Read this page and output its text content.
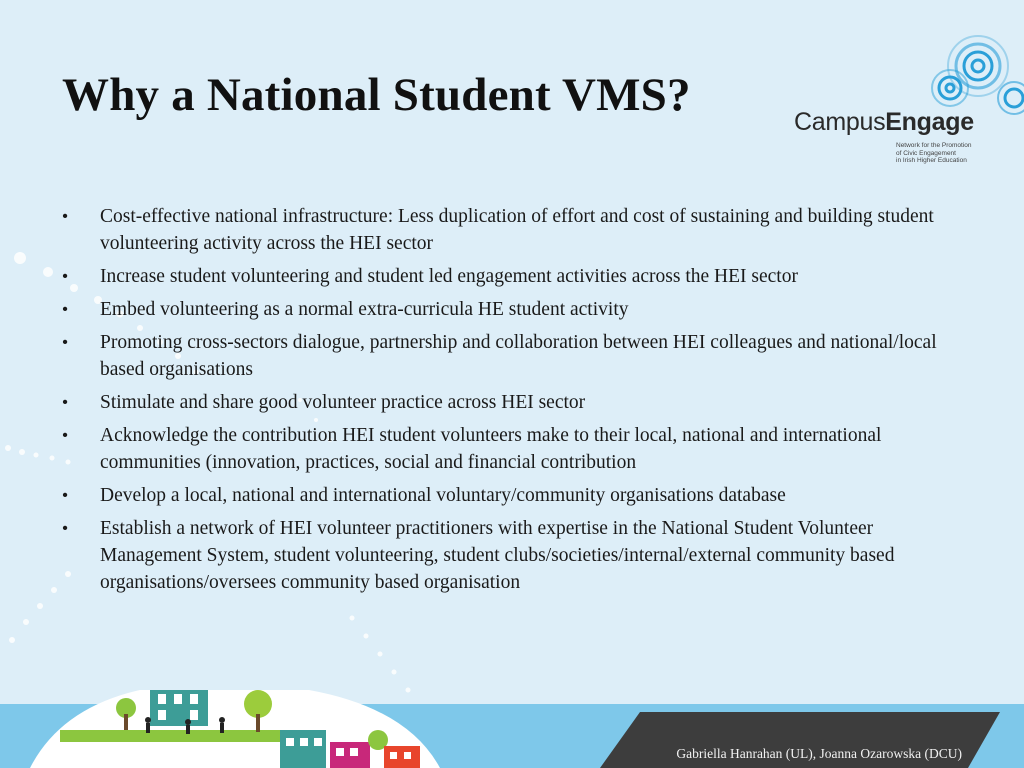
Why a National Student VMS?
CampusEngage
Network for the Promotion
of Civic Engagement
in Irish Higher Education
• Cost-effective national infrastructure: Less duplication of effort and cost of sustaining and building student volunteering activity across the HEI sector
• Increase student volunteering and student led engagement activities across the HEI sector
• Embed volunteering as a normal extra-curricula HE student activity
• Promoting cross-sectors dialogue, partnership and collaboration between HEI colleagues and national/local based organisations
• Stimulate and share good volunteer practice across HEI sector
• Acknowledge the contribution HEI student volunteers make to their local, national and international communities (innovation, practices, social and financial contribution
• Develop a local, national and international voluntary/community organisations database
• Establish a network of HEI volunteer practitioners with expertise in the National Student Volunteer Management System, student volunteering, student clubs/societies/internal/external community based organisations/oversees community based organisation
Gabriella Hanrahan (UL), Joanna Ozarowska (DCU)
